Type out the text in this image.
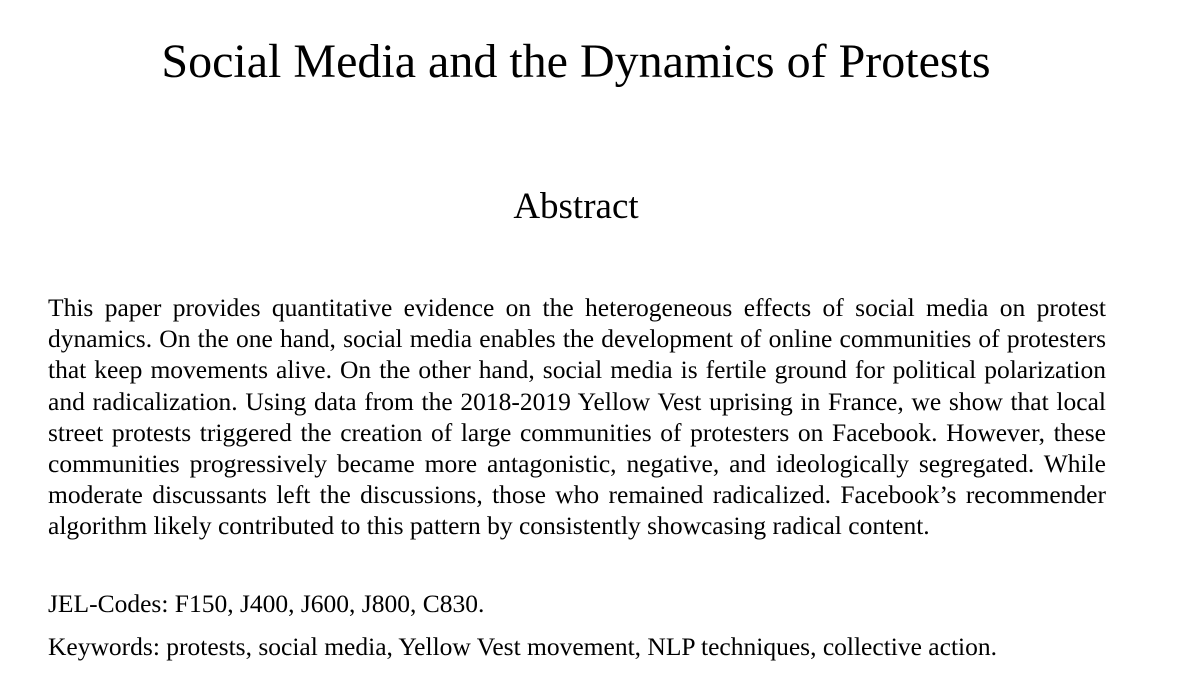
Social Media and the Dynamics of Protests
Abstract

This paper provides quantitative evidence on the heterogeneous effects of social media on protest dynamics. On the one hand, social media enables the development of online communities of protesters that keep movements alive. On the other hand, social media is fertile ground for political polarization and radicalization. Using data from the 2018-2019 Yellow Vest uprising in France, we show that local street protests triggered the creation of large communities of protesters on Facebook. However, these communities progressively became more antagonistic, negative, and ideologically segregated. While moderate discussants left the discussions, those who remained radicalized. Facebook’s recommender algorithm likely contributed to this pattern by consistently showcasing radical content.

JEL-Codes: F150, J400, J600, J800, C830.

Keywords: protests, social media, Yellow Vest movement, NLP techniques, collective action.
